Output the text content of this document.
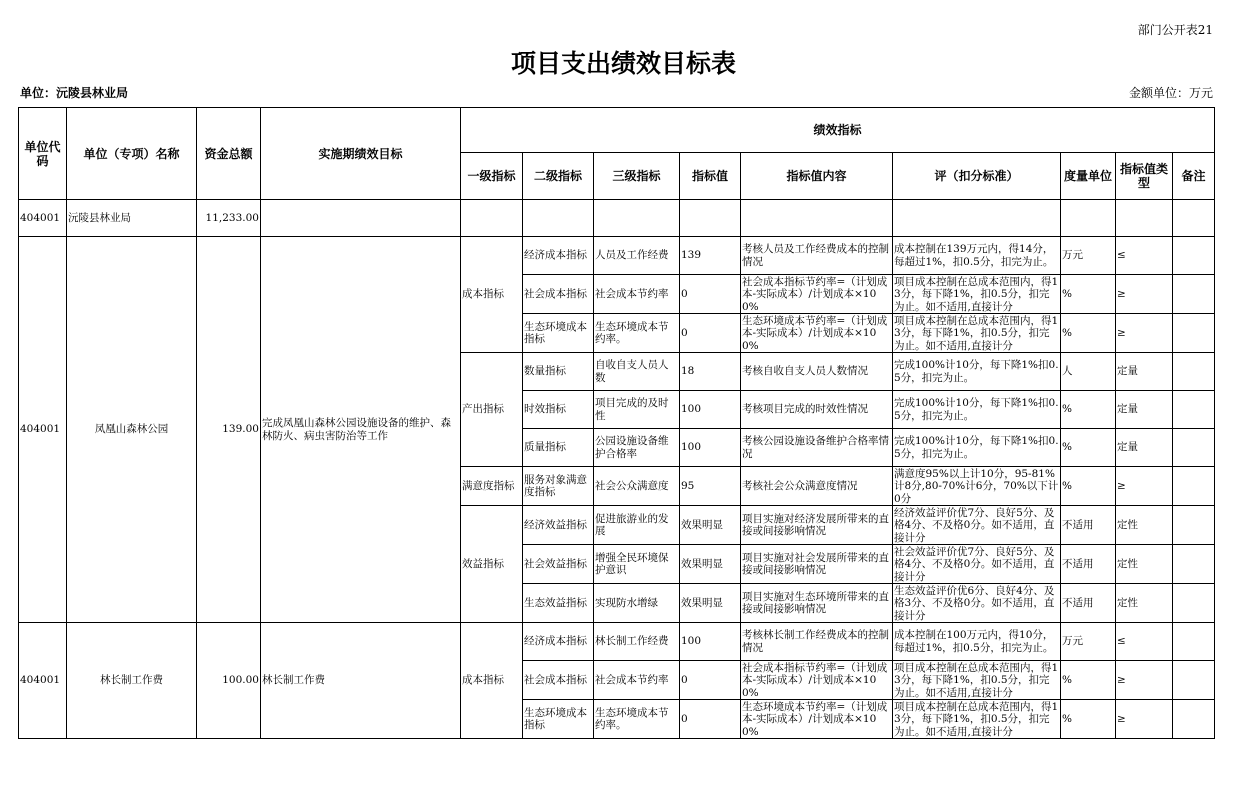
部门公开表21
项目支出绩效目标表
单位：沅陵县林业局	金额单位：万元
单位代码	单位（专项）名称	资金总额	实施期绩效目标	绩效指标								
				一级指标	二级指标	三级指标	指标值	指标值内容	评（扣分标准）	度量单位	指标值类型	备注
404001	沅陵县林业局	11,233.00										
404001	凤凰山森林公园	139.00	完成凤凰山森林公园设施设备的维护、森林防火、病虫害防治等工作	成本指标	经济成本指标	人员及工作经费	139	考核人员及工作经费成本的控制情况	成本控制在139万元内，得14分，每超过1%，扣0.5分，扣完为止。	万元	≤	
					社会成本指标	社会成本节约率	0	社会成本指标节约率=（计划成本-实际成本）/计划成本×100%	项目成本控制在总成本范围内，得13分，每下降1%，扣0.5分，扣完为止。如不适用,直接计分	%	≥	
					生态环境成本指标	生态环境成本节约率。	0	生态环境成本节约率=（计划成本-实际成本）/计划成本×100%	项目成本控制在总成本范围内，得13分，每下降1%，扣0.5分，扣完为止。如不适用,直接计分	%	≥	
				产出指标	数量指标	自收自支人员人数	18	考核自收自支人员人数情况	完成100%计10分，每下降1%扣0.5分，扣完为止。	人	定量	
					时效指标	项目完成的及时性	100	考核项目完成的时效性情况	完成100%计10分，每下降1%扣0.5分，扣完为止。	%	定量	
					质量指标	公园设施设备维护合格率	100	考核公园设施设备维护合格率情况	完成100%计10分，每下降1%扣0.5分，扣完为止。	%	定量	
				满意度指标	服务对象满意度指标	社会公众满意度	95	考核社会公众满意度情况	满意度95%以上计10分，95-81%计8分,80-70%计6分，70%以下计0分	%	≥	
				效益指标	经济效益指标	促进旅游业的发展	效果明显	项目实施对经济发展所带来的直接或间接影响情况	经济效益评价优7分、良好5分、及格4分、不及格0分。如不适用，直接计分	不适用	定性	
					社会效益指标	增强全民环境保护意识	效果明显	项目实施对社会发展所带来的直接或间接影响情况	社会效益评价优7分、良好5分、及格4分、不及格0分。如不适用，直接计分	不适用	定性	
					生态效益指标	实现防水增绿	效果明显	项目实施对生态环境所带来的直接或间接影响情况	生态效益评价优6分、良好4分、及格3分、不及格0分。如不适用，直接计分	不适用	定性	
404001	林长制工作费	100.00	林长制工作费	成本指标	经济成本指标	林长制工作经费	100	考核林长制工作经费成本的控制情况	成本控制在100万元内，得10分，每超过1%，扣0.5分，扣完为止。	万元	≤	
					社会成本指标	社会成本节约率	0	社会成本指标节约率=（计划成本-实际成本）/计划成本×100%	项目成本控制在总成本范围内，得13分，每下降1%，扣0.5分，扣完为止。如不适用,直接计分	%	≥	
					生态环境成本指标	生态环境成本节约率。	0	生态环境成本节约率=（计划成本-实际成本）/计划成本×100%	项目成本控制在总成本范围内，得13分，每下降1%，扣0.5分，扣完为止。如不适用,直接计分	%	≥	
